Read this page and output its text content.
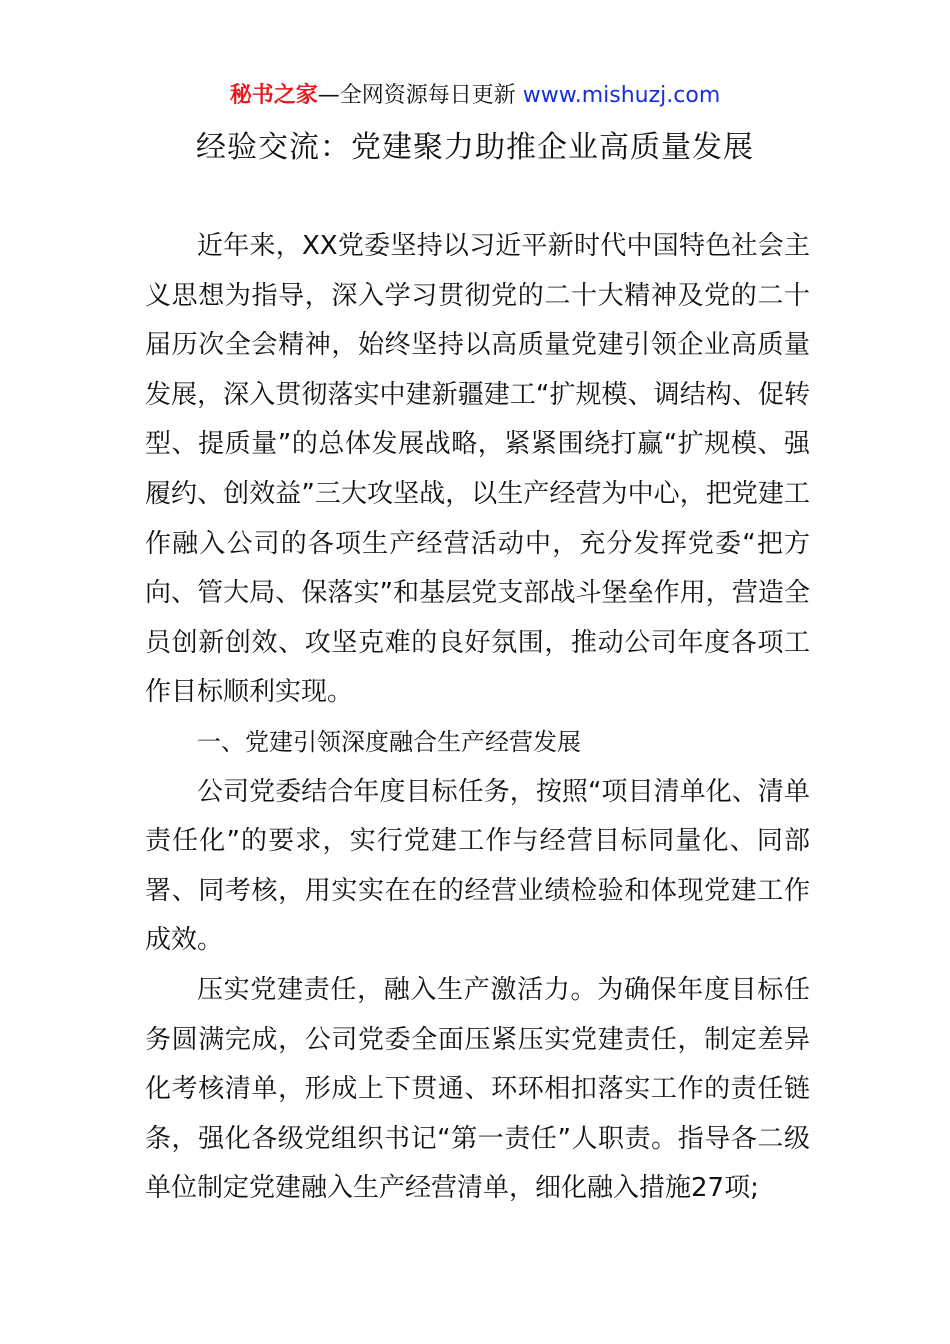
秘书之家—全网资源每日更新 www.mishuzj.com
经验交流：党建聚力助推企业高质量发展

近年来，XX党委坚持以习近平新时代中国特色社会主义思想为指导，深入学习贯彻党的二十大精神及党的二十届历次全会精神，始终坚持以高质量党建引领企业高质量发展，深入贯彻落实中建新疆建工“扩规模、调结构、促转型、提质量”的总体发展战略，紧紧围绕打赢“扩规模、强履约、创效益”三大攻坚战，以生产经营为中心，把党建工作融入公司的各项生产经营活动中，充分发挥党委“把方向、管大局、保落实”和基层党支部战斗堡垒作用，营造全员创新创效、攻坚克难的良好氛围，推动公司年度各项工作目标顺利实现。

一、党建引领深度融合生产经营发展

公司党委结合年度目标任务，按照“项目清单化、清单责任化”的要求，实行党建工作与经营目标同量化、同部署、同考核，用实实在在的经营业绩检验和体现党建工作成效。

压实党建责任，融入生产激活力。为确保年度目标任务圆满完成，公司党委全面压紧压实党建责任，制定差异化考核清单，形成上下贯通、环环相扣落实工作的责任链条，强化各级党组织书记“第一责任”人职责。指导各二级单位制定党建融入生产经营清单，细化融入措施27项;
